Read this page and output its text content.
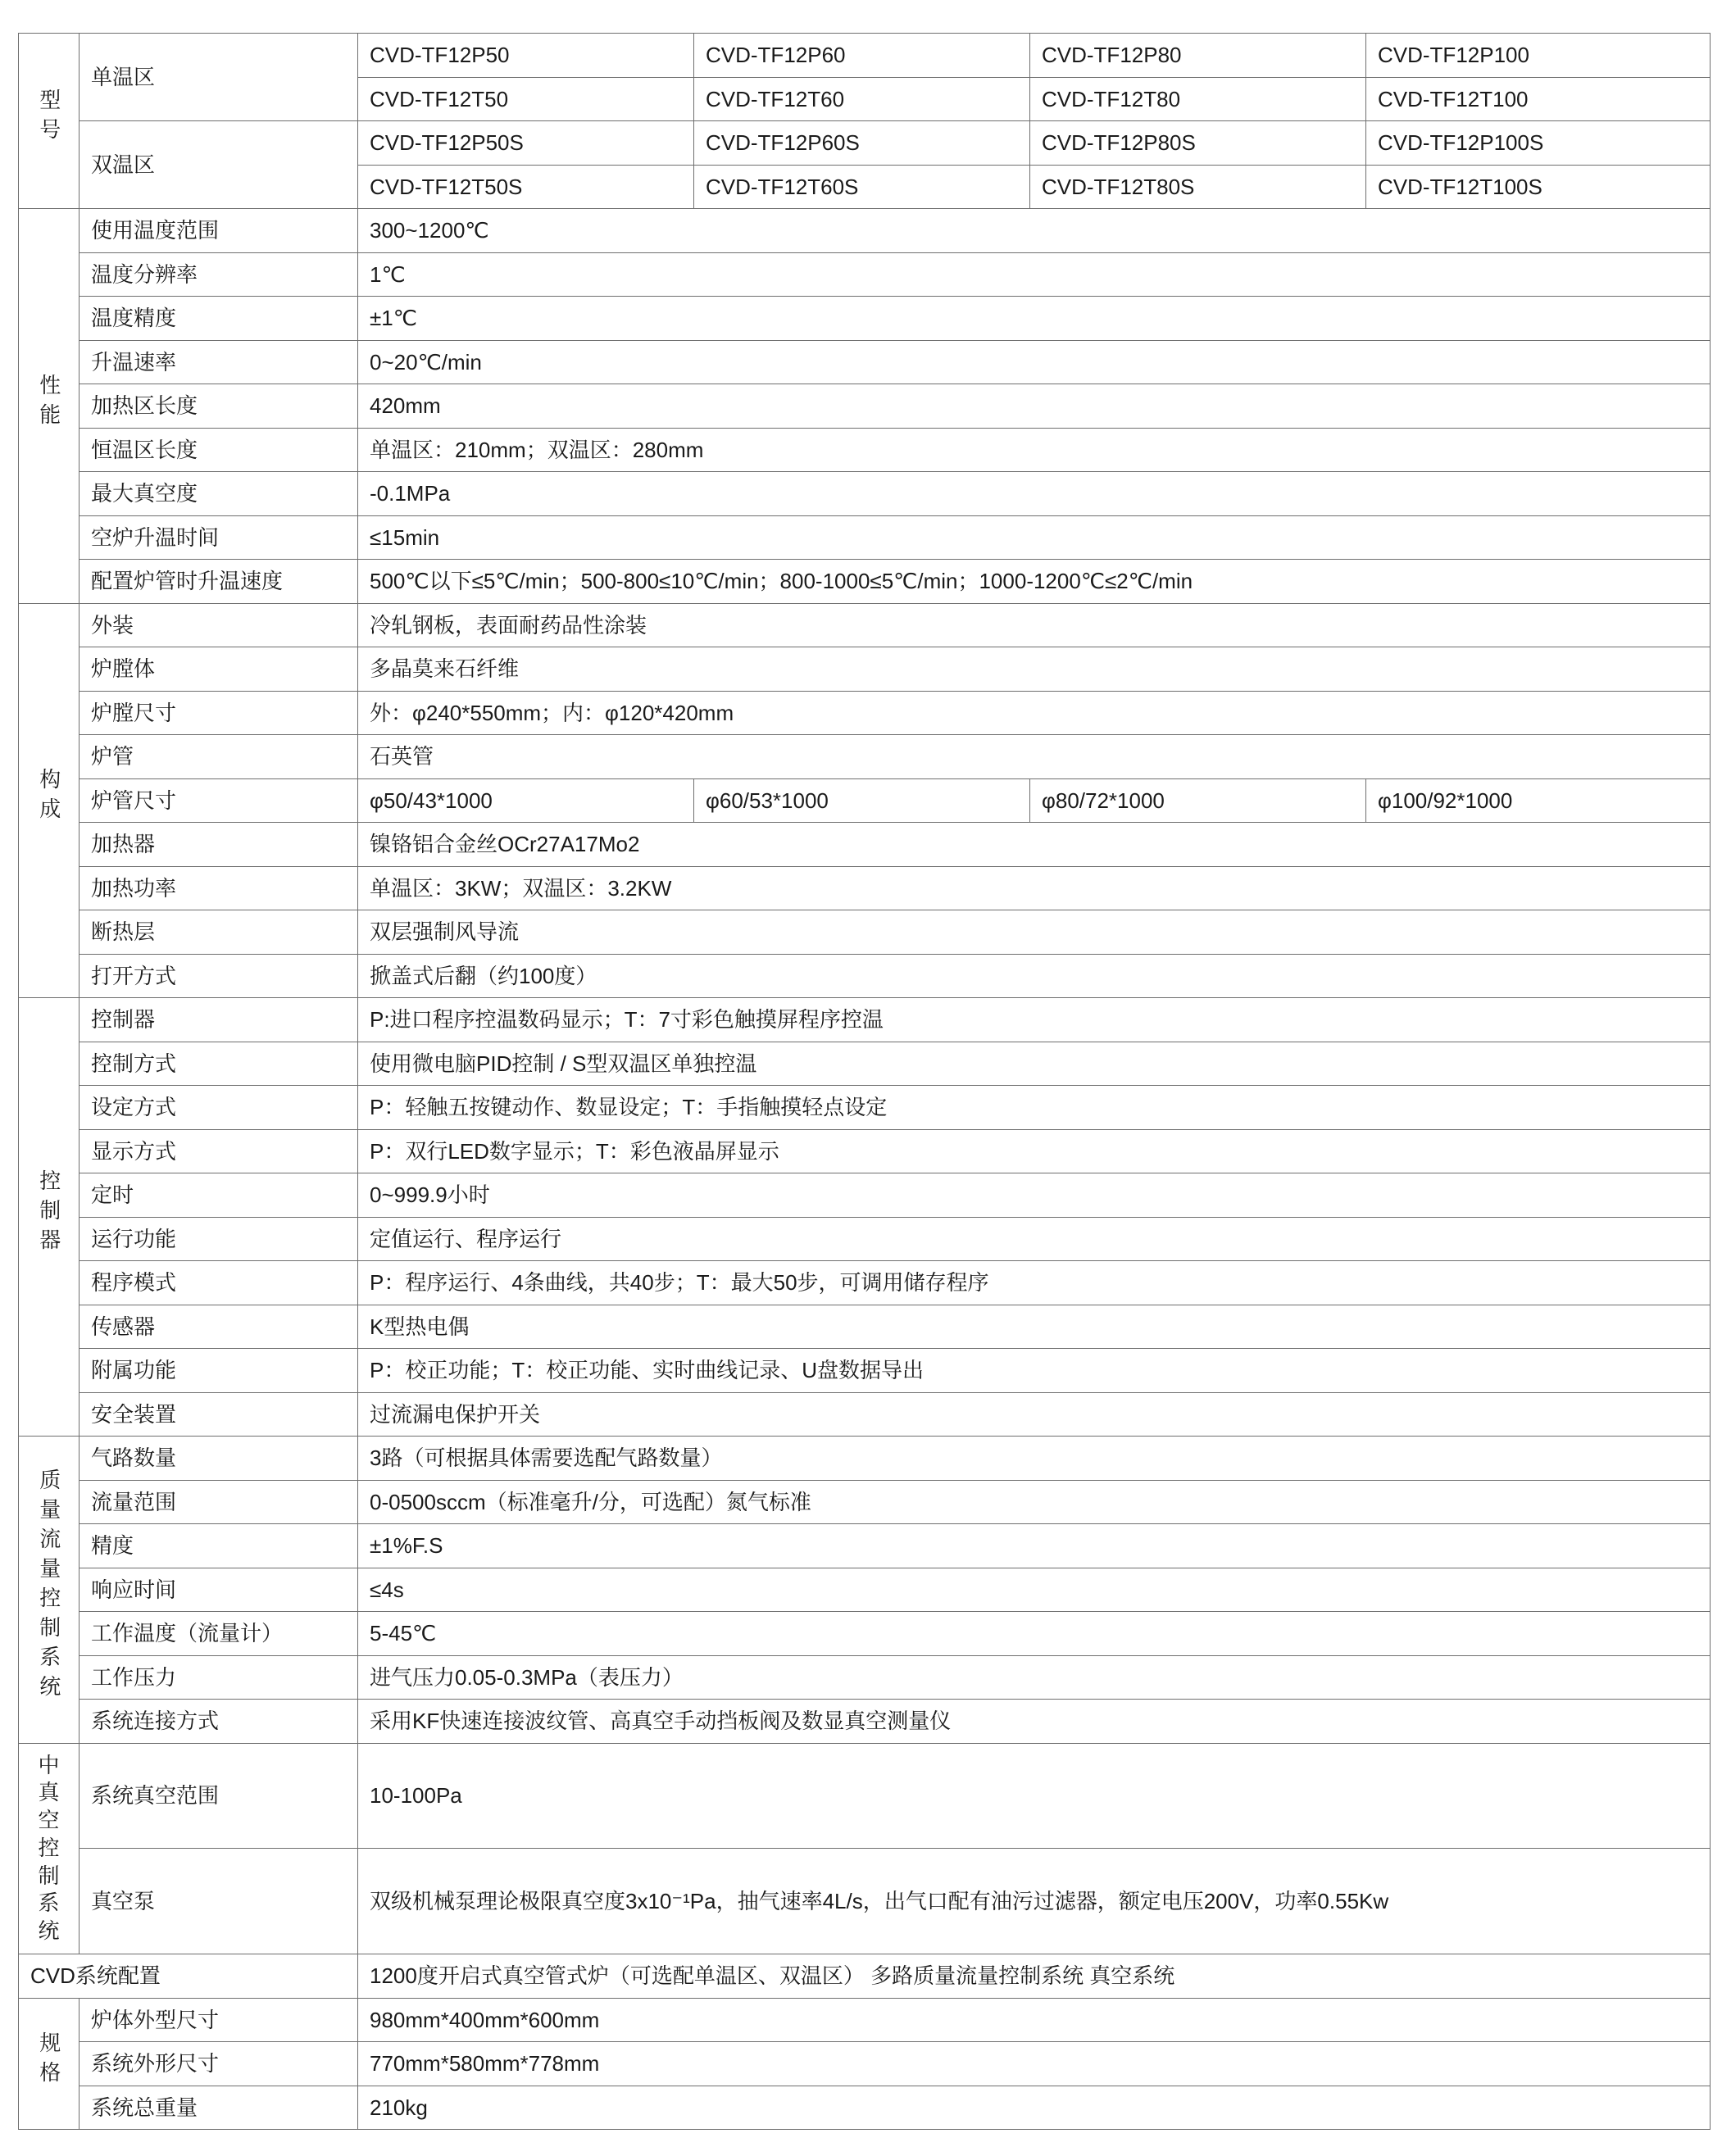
型号	单温区	CVD-TF12P50	CVD-TF12P60	CVD-TF12P80	CVD-TF12P100
		CVD-TF12T50	CVD-TF12T60	CVD-TF12T80	CVD-TF12T100
	双温区	CVD-TF12P50S	CVD-TF12P60S	CVD-TF12P80S	CVD-TF12P100S
		CVD-TF12T50S	CVD-TF12T60S	CVD-TF12T80S	CVD-TF12T100S
性能	使用温度范围	300~1200℃			
	温度分辨率	1℃			
	温度精度	±1℃			
	升温速率	0~20℃/min			
	加热区长度	420mm			
	恒温区长度	单温区：210mm；双温区：280mm			
	最大真空度	-0.1MPa			
	空炉升温时间	≤15min			
	配置炉管时升温速度	500℃以下≤5℃/min；500-800≤10℃/min；800-1000≤5℃/min；1000-1200℃≤2℃/min			
构成	外装	冷轧钢板，表面耐药品性涂装			
	炉膛体	多晶莫来石纤维			
	炉膛尺寸	外：φ240*550mm；内：φ120*420mm			
	炉管	石英管			
	炉管尺寸	φ50/43*1000	φ60/53*1000	φ80/72*1000	φ100/92*1000
	加热器	镍铬铝合金丝OCr27A17Mo2			
	加热功率	单温区：3KW；双温区：3.2KW			
	断热层	双层强制风导流			
	打开方式	掀盖式后翻（约100度）			
控制器	控制器	P:进口程序控温数码显示；T：7寸彩色触摸屏程序控温			
	控制方式	使用微电脑PID控制 / S型双温区单独控温			
	设定方式	P：轻触五按键动作、数显设定；T：手指触摸轻点设定			
	显示方式	P：双行LED数字显示；T：彩色液晶屏显示			
	定时	0~999.9小时			
	运行功能	定值运行、程序运行			
	程序模式	P：程序运行、4条曲线，共40步；T：最大50步，可调用储存程序			
	传感器	K型热电偶			
	附属功能	P：校正功能；T：校正功能、实时曲线记录、U盘数据导出			
	安全装置	过流漏电保护开关			
质量流量控制系统	气路数量	3路（可根据具体需要选配气路数量）			
	流量范围	0-0500sccm（标准毫升/分，可选配）氮气标准			
	精度	±1%F.S			
	响应时间	≤4s			
	工作温度（流量计）	5-45℃			
	工作压力	进气压力0.05-0.3MPa（表压力）			
	系统连接方式	采用KF快速连接波纹管、高真空手动挡板阀及数显真空测量仪			
中真空控制系统	系统真空范围	10-100Pa			
	真空泵	双级机械泵理论极限真空度3x10⁻¹Pa，抽气速率4L/s，出气口配有油污过滤器，额定电压200V，功率0.55Kw			
CVD系统配置		1200度开启式真空管式炉（可选配单温区、双温区） 多路质量流量控制系统 真空系统			
规格	炉体外型尺寸	980mm*400mm*600mm			
	系统外形尺寸	770mm*580mm*778mm			
	系统总重量	210kg			
